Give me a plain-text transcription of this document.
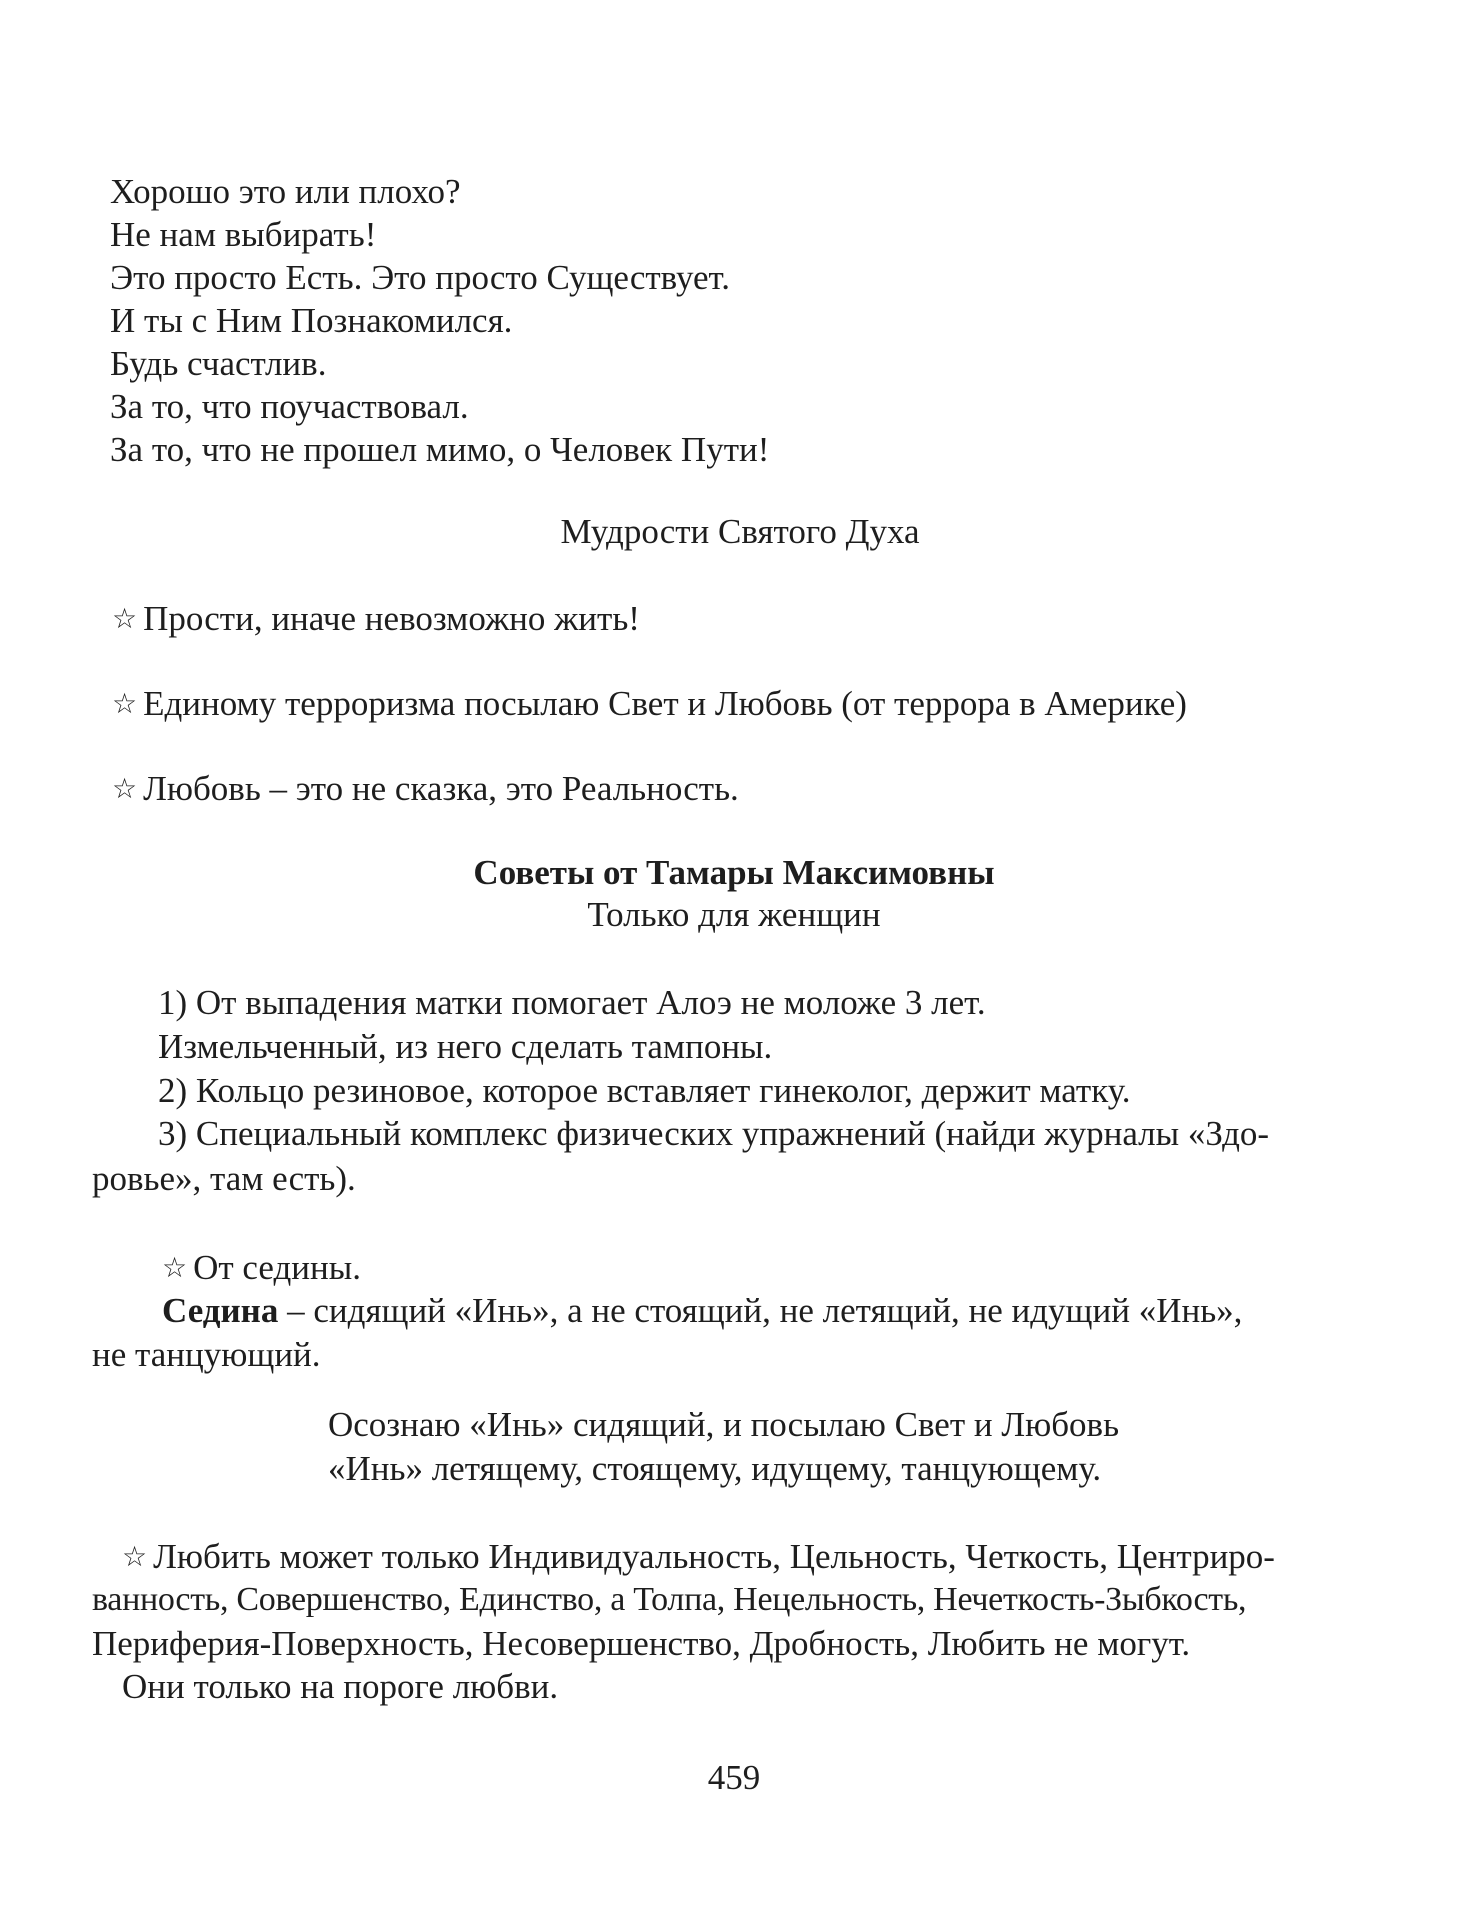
Хорошо это или плохо?
Не нам выбирать!
Это просто Есть. Это просто Существует.
И ты с Ним Познакомился.
Будь счастлив.
За то, что поучаствовал.
За то, что не прошел мимо, о Человек Пути!
Мудрости Святого Духа
☆ Прости, иначе невозможно жить!
☆ Единому терроризма посылаю Свет и Любовь (от террора в Америке)
☆ Любовь – это не сказка, это Реальность.
Советы от Тамары Максимовны
Только для женщин
1) От выпадения матки помогает Алоэ не моложе 3 лет.
Измельченный, из него сделать тампоны.
2) Кольцо резиновое, которое вставляет гинеколог, держит матку.
3) Специальный комплекс физических упражнений (найди журналы «Здо-
ровье», там есть).
☆ От седины.
Седина – сидящий «Инь», а не стоящий, не летящий, не идущий «Инь»,
не танцующий.
Осознаю «Инь» сидящий, и посылаю Свет и Любовь
«Инь» летящему, стоящему, идущему, танцующему.
☆ Любить может только Индивидуальность, Цельность, Четкость, Центриро-
ванность, Совершенство, Единство, а Толпа, Нецельность, Нечеткость-Зыбкость,
Периферия-Поверхность, Несовершенство, Дробность, Любить не могут.
Они только на пороге любви.
459
